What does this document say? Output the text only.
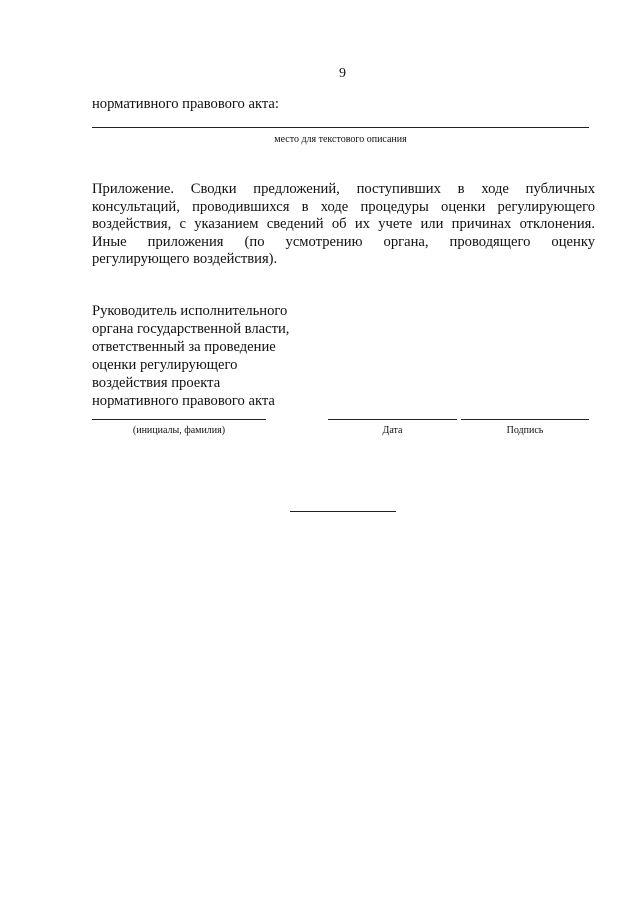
9
нормативного правового акта:
место для текстового описания
Приложение. Сводки предложений, поступивших в ходе публичных
консультаций, проводившихся в ходе процедуры оценки регулирующего
воздействия, с указанием сведений об их учете или причинах отклонения.
Иные приложения (по усмотрению органа, проводящего оценку
регулирующего воздействия).
Руководитель исполнительного
органа государственной власти,
ответственный за проведение
оценки регулирующего
воздействия проекта
нормативного правового акта
(инициалы, фамилия)	Дата	Подпись
